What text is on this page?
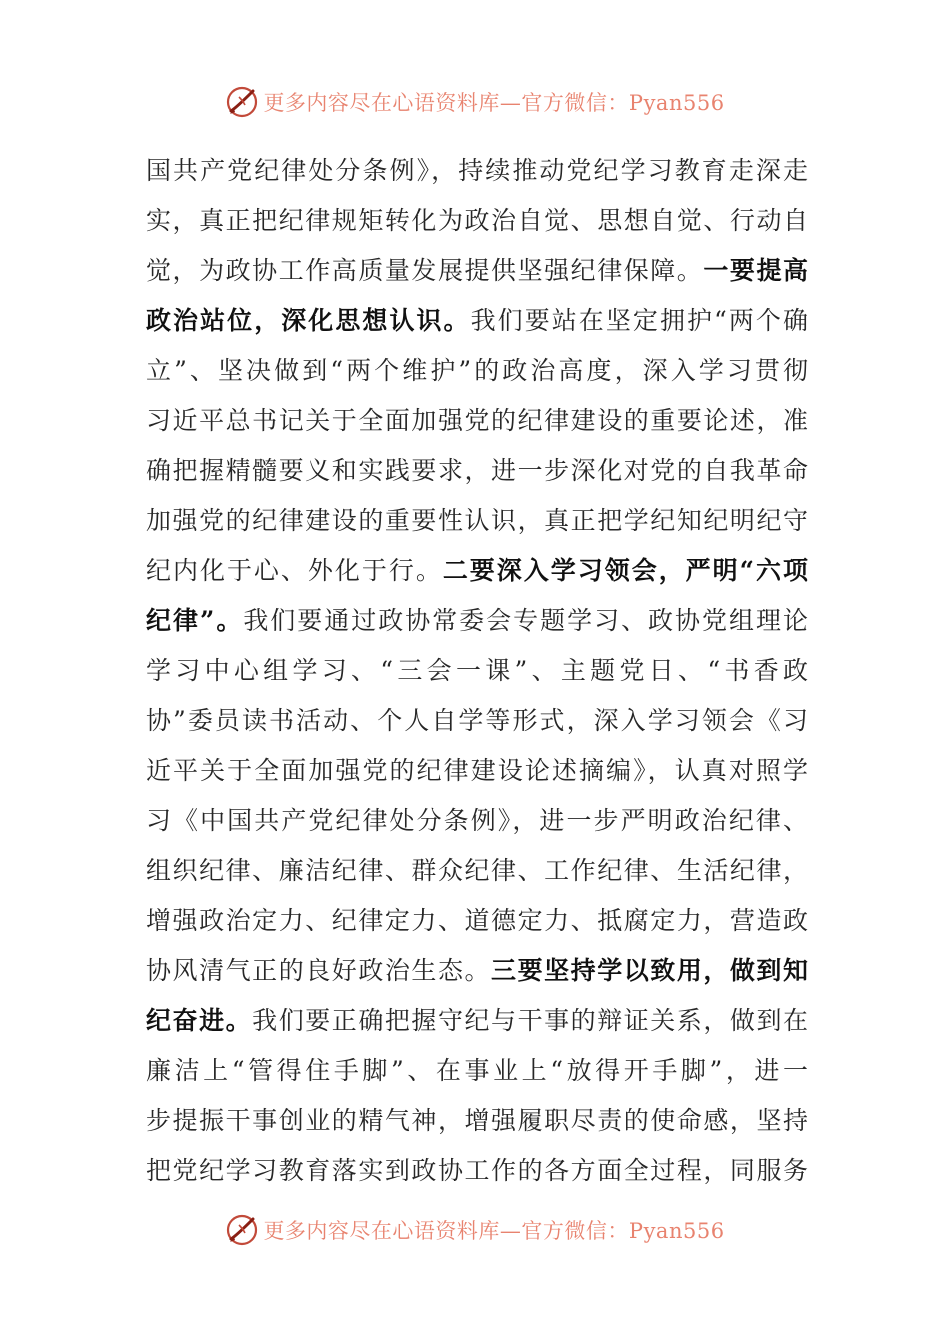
更多内容尽在心语资料库—官方微信：Pyan556
国共产党纪律处分条例》，持续推动党纪学习教育走深走
实，真正把纪律规矩转化为政治自觉、思想自觉、行动自
觉，为政协工作高质量发展提供坚强纪律保障。一要提高
政治站位，深化思想认识。我们要站在坚定拥护“两个确
立”、坚决做到“两个维护”的政治高度，深入学习贯彻
习近平总书记关于全面加强党的纪律建设的重要论述，准
确把握精髓要义和实践要求，进一步深化对党的自我革命
加强党的纪律建设的重要性认识，真正把学纪知纪明纪守
纪内化于心、外化于行。二要深入学习领会，严明“六项
纪律”。我们要通过政协常委会专题学习、政协党组理论
学习中心组学习、“三会一课”、主题党日、“书香政
协”委员读书活动、个人自学等形式，深入学习领会《习
近平关于全面加强党的纪律建设论述摘编》，认真对照学
习《中国共产党纪律处分条例》，进一步严明政治纪律、
组织纪律、廉洁纪律、群众纪律、工作纪律、生活纪律，
增强政治定力、纪律定力、道德定力、抵腐定力，营造政
协风清气正的良好政治生态。三要坚持学以致用，做到知
纪奋进。我们要正确把握守纪与干事的辩证关系，做到在
廉洁上“管得住手脚”、在事业上“放得开手脚”，进一
步提振干事创业的精气神，增强履职尽责的使命感，坚持
把党纪学习教育落实到政协工作的各方面全过程，同服务
更多内容尽在心语资料库—官方微信：Pyan556
